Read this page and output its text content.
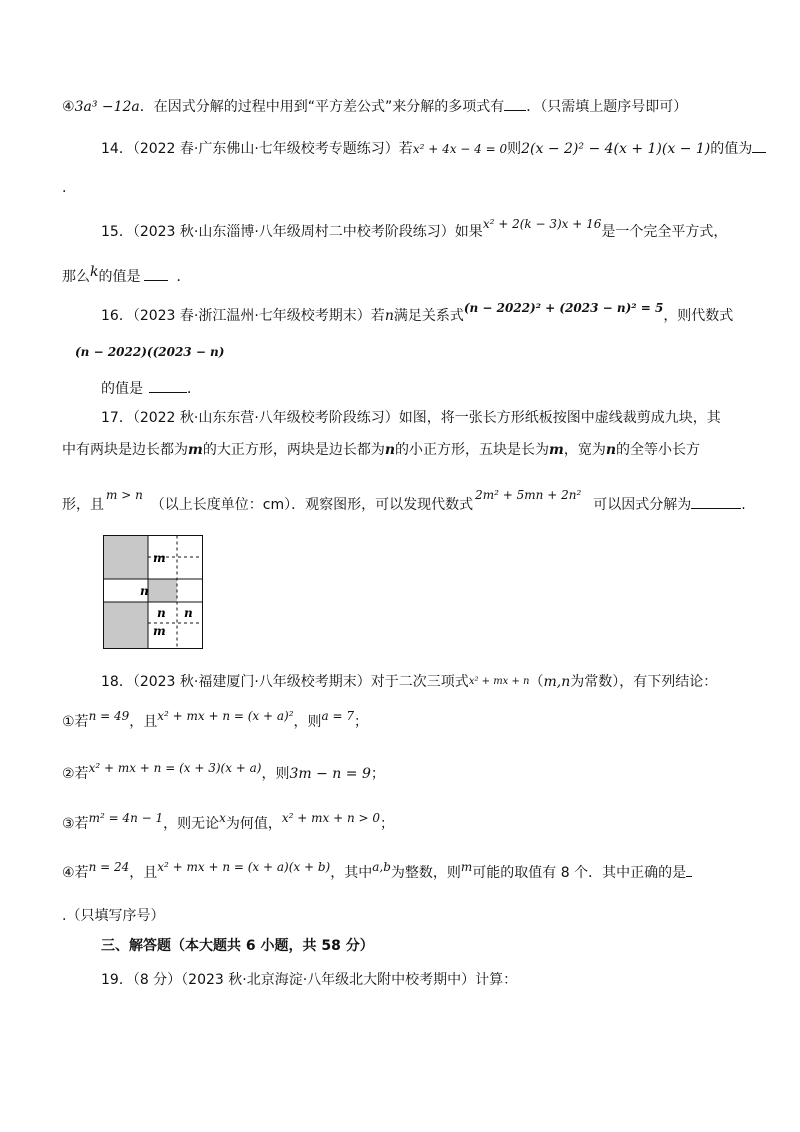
④3a³ −12a．在因式分解的过程中用到“平方差公式”来分解的多项式有 ．（只需填上题序号即可）
14．（2022 春·广东佛山·七年级校考专题练习）若x² + 4x − 4 = 0则2(x − 2)² − 4(x + 1)(x − 1)的值为
.
15．（2023 秋·山东淄博·八年级周村二中校考阶段练习）如果x² + 2(k − 3)x + 16是一个完全平方式，
那么k的值是	．
16．（2023 春·浙江温州·七年级校考期末）若n满足关系式(n − 2022)² + (2023 − n)² = 5，则代数式
(n − 2022)((2023 − n)
的值是	．
17．（2022 秋·山东东营·八年级校考阶段练习）如图，将一张长方形纸板按图中虚线裁剪成九块，其
中有两块是边长都为m的大正方形，两块是边长都为n的小正方形，五块是长为m，宽为n的全等小长方
形，且m > n（以上长度单位：cm）．观察图形，可以发现代数式2m² + 5mn + 2n²可以因式分解为	.
m
n
n n
m
18．（2023 秋·福建厦门·八年级校考期末）对于二次三项式x² + mx + n（m,n为常数），有下列结论：
①若n = 49，且x² + mx + n = (x + a)²，则a = 7；
②若x² + mx + n = (x + 3)(x + a)，则3m − n = 9；
③若m² = 4n − 1，则无论x为何值，x² + mx + n > 0；
④若n = 24，且x² + mx + n = (x + a)(x + b)，其中a,b为整数，则m可能的取值有 8 个．其中正确的是
.（只填写序号）
三、解答题（本大题共 6 小题，共 58 分）
19．（8 分）（2023 秋·北京海淀·八年级北大附中校考期中）计算：
